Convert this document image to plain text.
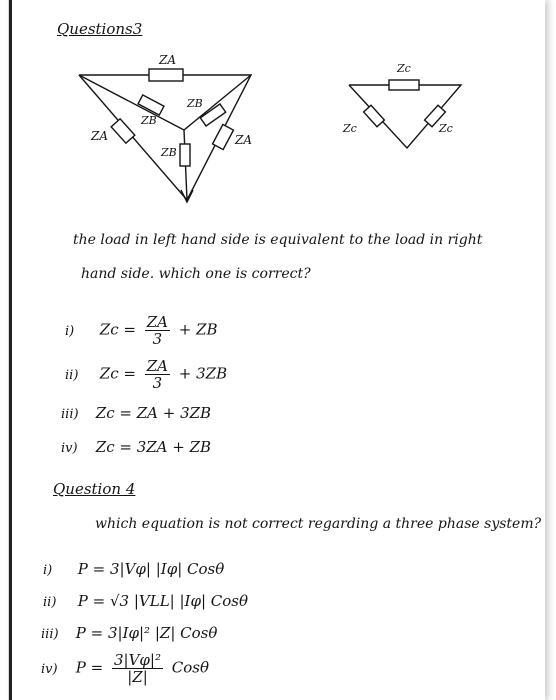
Questions3
ZA
ZA	ZA
ZB
ZB
ZB
Zc
Zc	Zc
the load in left hand side is equivalent to the load in right
hand side. which one is correct?
i) $Zc = \frac{ZA}{3}$ + ZB
ii) $Zc = \frac{ZA}{3} + 3ZB$
iii) Zc = ZA + 3ZB
iv) Zc = 3ZA + ZB
Question 4
which equation is not correct regarding a three phase system?
i) P = 3|Vφ| |Iφ| Cosθ
ii) P = √3 |VLL| |Iφ| Cosθ
iii) P = 3|Iφ|² |Z| Cosθ
iv) $P = \frac{\text{3|Vφ|²}}{|Z|}$ Cosθ
